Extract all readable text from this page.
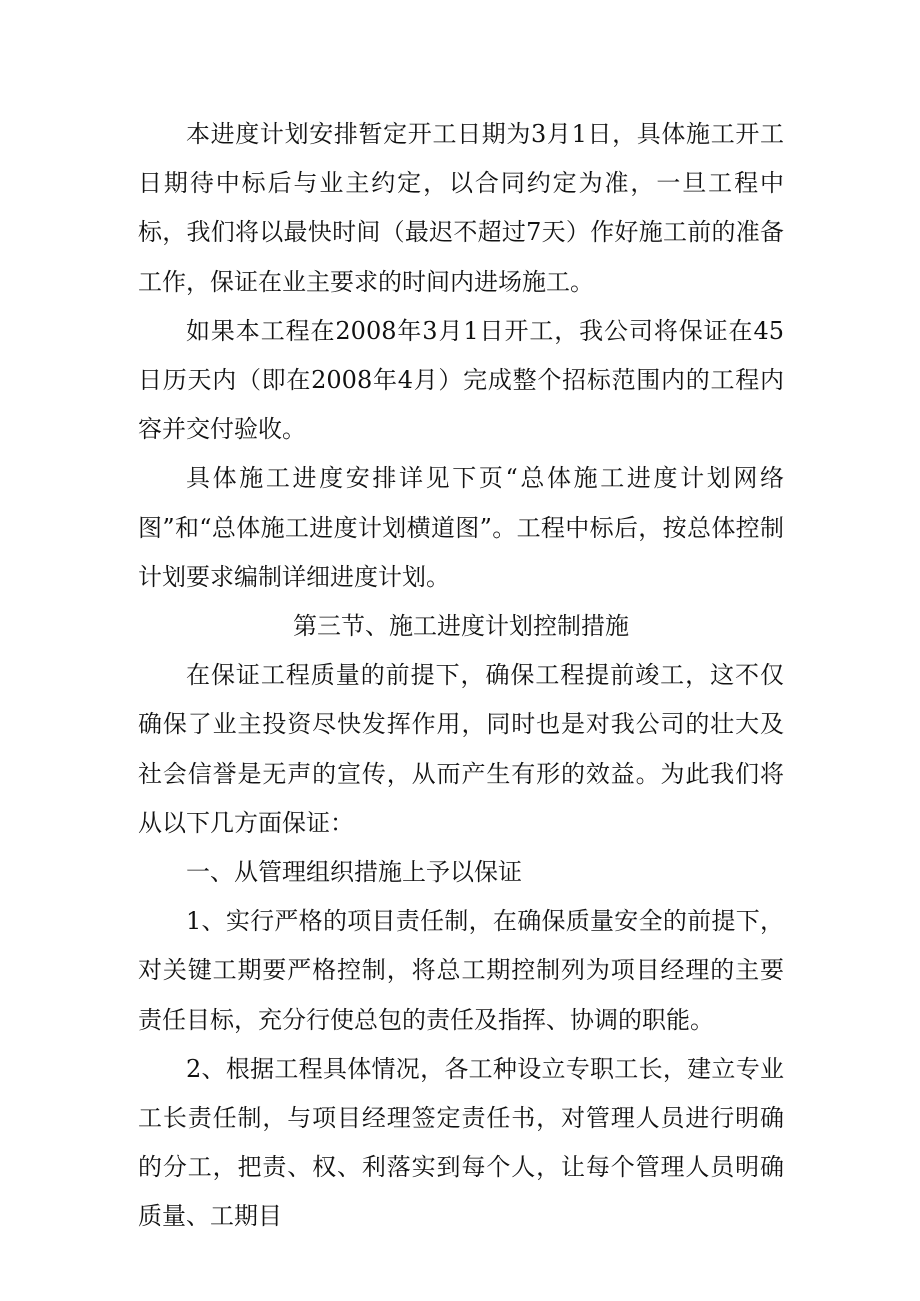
本进度计划安排暂定开工日期为3月1日，具体施工开工日期待中标后与业主约定，以合同约定为准，一旦工程中标，我们将以最快时间（最迟不超过7天）作好施工前的准备工作，保证在业主要求的时间内进场施工。

如果本工程在2008年3月1日开工，我公司将保证在45日历天内（即在2008年4月）完成整个招标范围内的工程内容并交付验收。

具体施工进度安排详见下页“总体施工进度计划网络图”和“总体施工进度计划横道图”。工程中标后，按总体控制计划要求编制详细进度计划。

第三节、施工进度计划控制措施

在保证工程质量的前提下，确保工程提前竣工，这不仅确保了业主投资尽快发挥作用，同时也是对我公司的壮大及社会信誉是无声的宣传，从而产生有形的效益。为此我们将从以下几方面保证：

一、从管理组织措施上予以保证

1、实行严格的项目责任制，在确保质量安全的前提下，对关键工期要严格控制，将总工期控制列为项目经理的主要责任目标，充分行使总包的责任及指挥、协调的职能。

2、根据工程具体情况，各工种设立专职工长，建立专业工长责任制，与项目经理签定责任书，对管理人员进行明确的分工，把责、权、利落实到每个人，让每个管理人员明确质量、工期目
